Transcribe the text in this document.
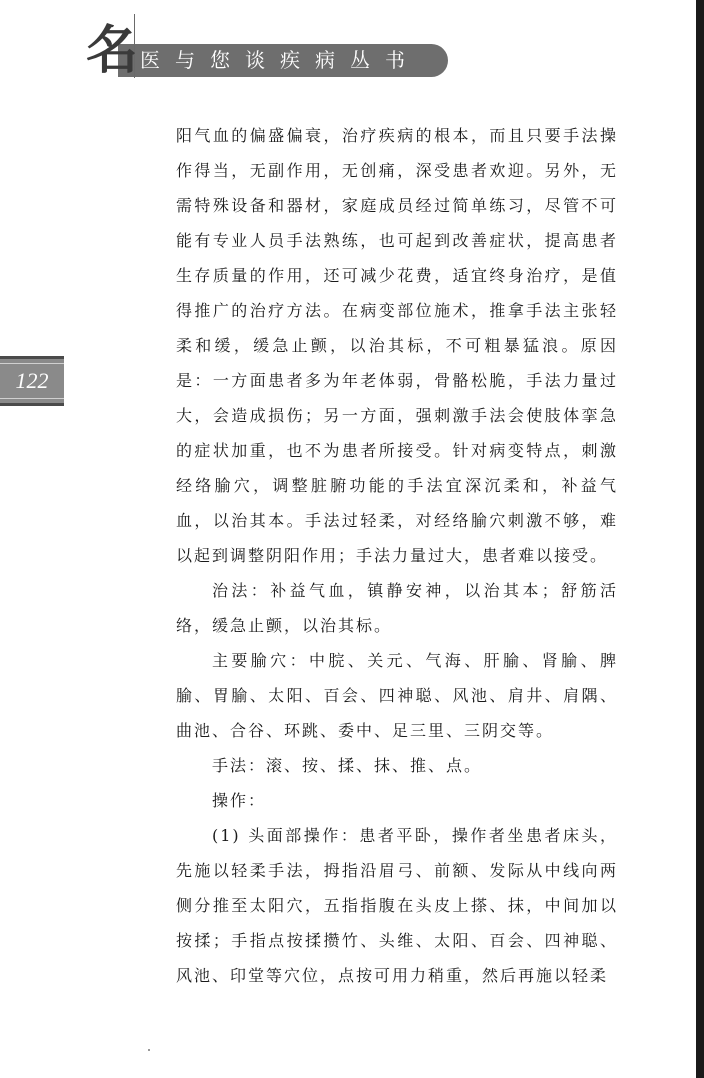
名 医与您谈疾病丛书
122

阳气血的偏盛偏衰，治疗疾病的根本，而且只要手法操作得当，无副作用，无创痛，深受患者欢迎。另外，无需特殊设备和器材，家庭成员经过简单练习，尽管不可能有专业人员手法熟练，也可起到改善症状，提高患者生存质量的作用，还可减少花费，适宜终身治疗，是值得推广的治疗方法。在病变部位施术，推拿手法主张轻柔和缓，缓急止颤，以治其标，不可粗暴猛浪。原因是：一方面患者多为年老体弱，骨骼松脆，手法力量过大，会造成损伤；另一方面，强刺激手法会使肢体挛急的症状加重，也不为患者所接受。针对病变特点，刺激经络腧穴，调整脏腑功能的手法宜深沉柔和，补益气血，以治其本。手法过轻柔，对经络腧穴刺激不够，难以起到调整阴阳作用；手法力量过大，患者难以接受。

治法：补益气血，镇静安神，以治其本；舒筋活络，缓急止颤，以治其标。

主要腧穴：中脘、关元、气海、肝腧、肾腧、脾腧、胃腧、太阳、百会、四神聪、风池、肩井、肩隅、曲池、合谷、环跳、委中、足三里、三阴交等。

手法：滚、按、揉、抹、推、点。

操作：

(1) 头面部操作：患者平卧，操作者坐患者床头，先施以轻柔手法，拇指沿眉弓、前额、发际从中线向两侧分推至太阳穴，五指指腹在头皮上搽、抹，中间加以按揉；手指点按揉攒竹、头维、太阳、百会、四神聪、风池、印堂等穴位，点按可用力稍重，然后再施以轻柔
